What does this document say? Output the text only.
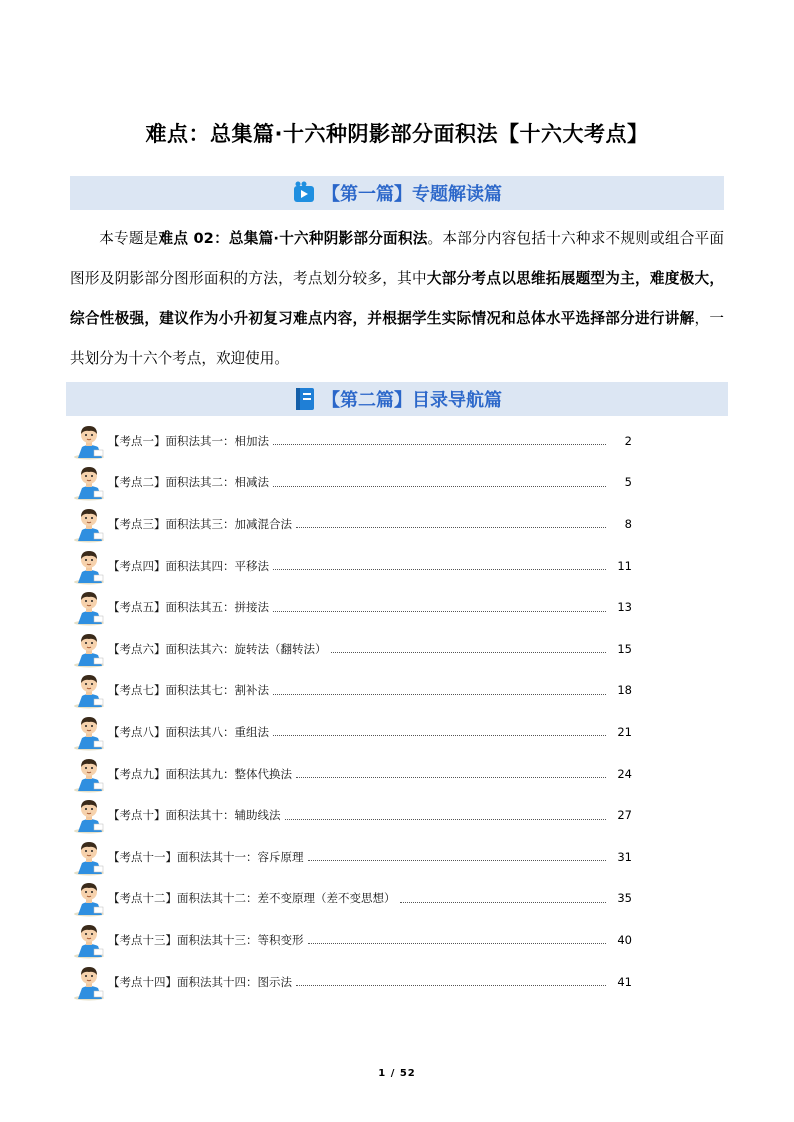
难点：总集篇·十六种阴影部分面积法【十六大考点】
【第一篇】专题解读篇

本专题是难点 02：总集篇·十六种阴影部分面积法。本部分内容包括十六种求不规则或组合平面图形及阴影部分图形面积的方法，考点划分较多，其中大部分考点以思维拓展题型为主，难度极大，综合性极强，建议作为小升初复习难点内容，并根据学生实际情况和总体水平选择部分进行讲解，一共划分为十六个考点，欢迎使用。

【第二篇】目录导航篇
【考点一】面积法其一：相加法	2
【考点二】面积法其二：相减法	5
【考点三】面积法其三：加减混合法	8
【考点四】面积法其四：平移法	11
【考点五】面积法其五：拼接法	13
【考点六】面积法其六：旋转法（翻转法）	15
【考点七】面积法其七：割补法	18
【考点八】面积法其八：重组法	21
【考点九】面积法其九：整体代换法	24
【考点十】面积法其十：辅助线法	27
【考点十一】面积法其十一：容斥原理	31
【考点十二】面积法其十二：差不变原理（差不变思想）	35
【考点十三】面积法其十三：等积变形	40
【考点十四】面积法其十四：图示法	41
1 / 52
